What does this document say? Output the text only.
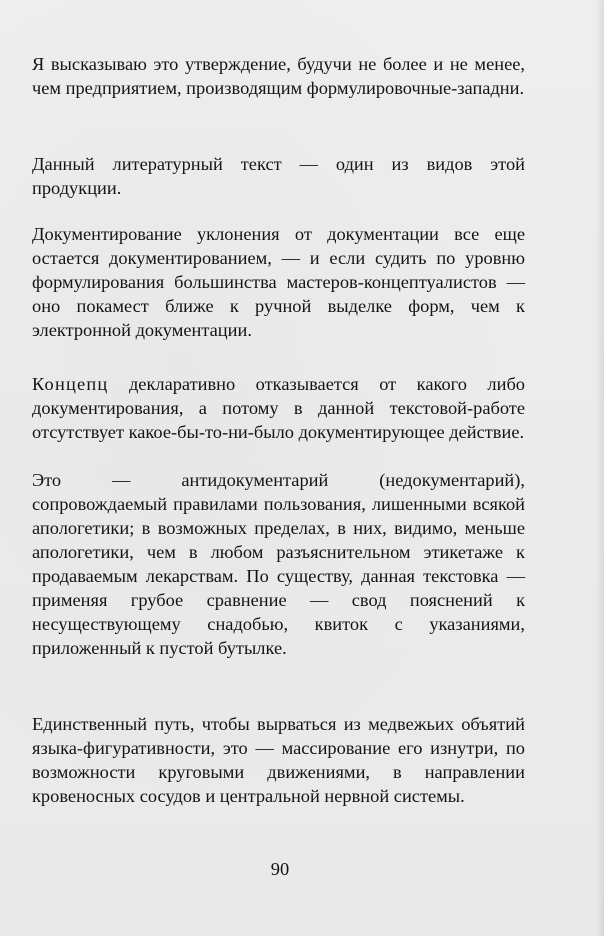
Я высказываю это утверждение, будучи не более и не менее, чем предприятием, производящим формулировочные-западни.

Данный литературный текст — один из видов этой продукции.

Документирование уклонения от документации все еще остается документированием, — и если судить по уровню формулирования большинства мастеров-концептуалистов — оно покамест ближе к ручной выделке форм, чем к электронной документации.

Концепц декларативно отказывается от какого либо документирования, а потому в данной текстовой-работе отсутствует какое-бы-то-ни-было документирующее действие.

Это — антидокументарий (недокументарий), сопровождаемый правилами пользования, лишенными всякой апологетики; в возможных пределах, в них, видимо, меньше апологетики, чем в любом разъяснительном этикетаже к продаваемым лекарствам. По существу, данная текстовка — применяя грубое сравнение — свод пояснений к несуществующему снадобью, квиток с указаниями, приложенный к пустой бутылке.

Единственный путь, чтобы вырваться из медвежьих объятий языка-фигуративности, это — массирование его изнутри, по возможности круговыми движениями, в направлении кровеносных сосудов и центральной нервной системы.

90
